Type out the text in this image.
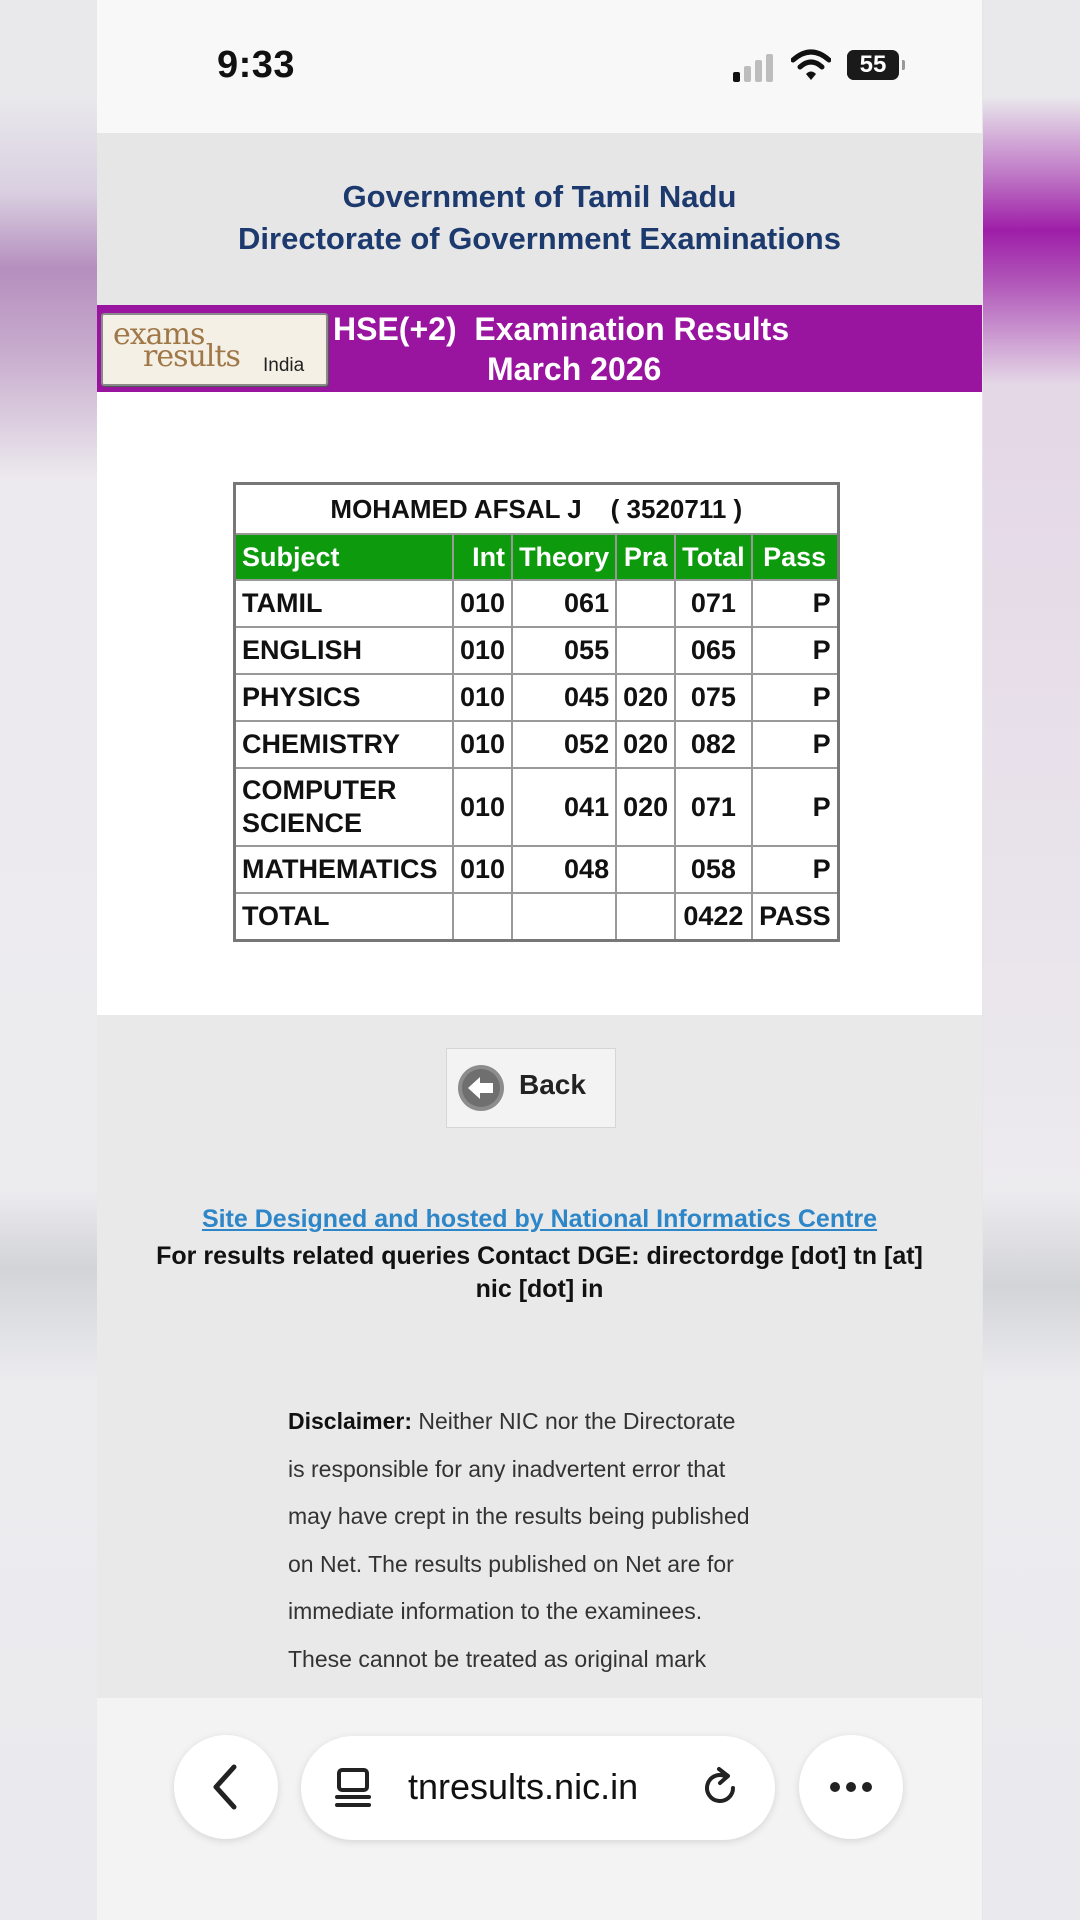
9:33	55
Government of Tamil Nadu
Directorate of Government Examinations
exams
results India
HSE(+2)  Examination Results
March 2026
MOHAMED AFSAL J    ( 3520711 )					
Subject	Int	Theory	Pra	Total	Pass
TAMIL	010	061		071	P
ENGLISH	010	055		065	P
PHYSICS	010	045	020	075	P
CHEMISTRY	010	052	020	082	P
COMPUTER
SCIENCE	010	041	020	071	P
MATHEMATICS	010	048		058	P
TOTAL				0422	PASS
Back
Site Designed and hosted by National Informatics Centre
For results related queries Contact DGE: directordge [dot] tn [at]
nic [dot] in
Disclaimer: Neither NIC nor the Directorate
is responsible for any inadvertent error that
may have crept in the results being published
on Net. The results published on Net are for
immediate information to the examinees.
These cannot be treated as original mark
tnresults.nic.in
